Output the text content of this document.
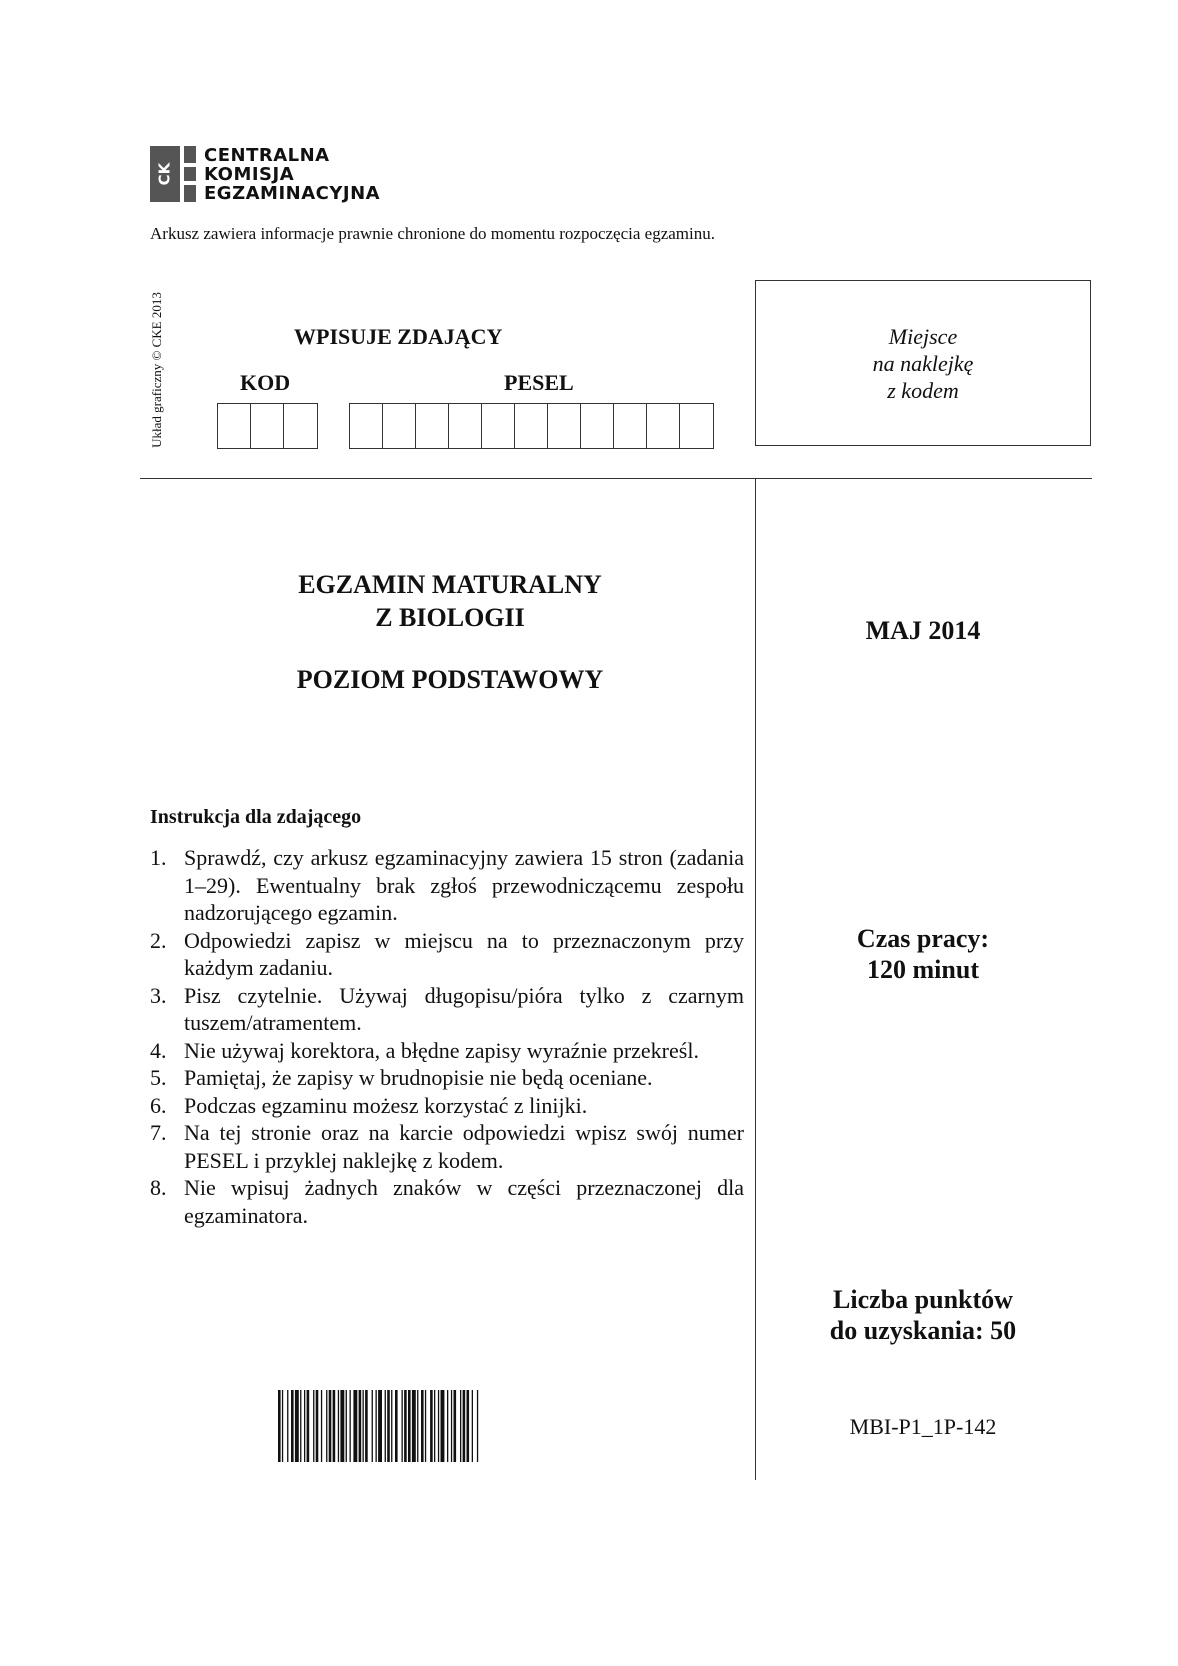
CK
CENTRALNA
KOMISJA
EGZAMINACYJNA
Arkusz zawiera informacje prawnie chronione do momentu rozpoczęcia egzaminu.
Układ graficzny © CKE 2013	WPISUJE ZDAJĄCY
KOD	PESEL
Miejsce
na naklejkę
z kodem
EGZAMIN MATURALNY
Z BIOLOGII
POZIOM PODSTAWOWY
MAJ 2014
Instrukcja dla zdającego
1. Sprawdź, czy arkusz egzaminacyjny zawiera 15 stron (zadania 1–29). Ewentualny brak zgłoś przewodniczącemu zespołu nadzorującego egzamin.
2. Odpowiedzi zapisz w miejscu na to przeznaczonym przy każdym zadaniu.
3. Pisz czytelnie. Używaj długopisu/pióra tylko z czarnym tuszem/atramentem.
4. Nie używaj korektora, a błędne zapisy wyraźnie przekreśl.
5. Pamiętaj, że zapisy w brudnopisie nie będą oceniane.
6. Podczas egzaminu możesz korzystać z linijki.
7. Na tej stronie oraz na karcie odpowiedzi wpisz swój numer PESEL i przyklej naklejkę z kodem.
8. Nie wpisuj żadnych znaków w części przeznaczonej dla egzaminatora.
Czas pracy:
120 minut
Liczba punktów
do uzyskania: 50
MBI-P1_1P-142
